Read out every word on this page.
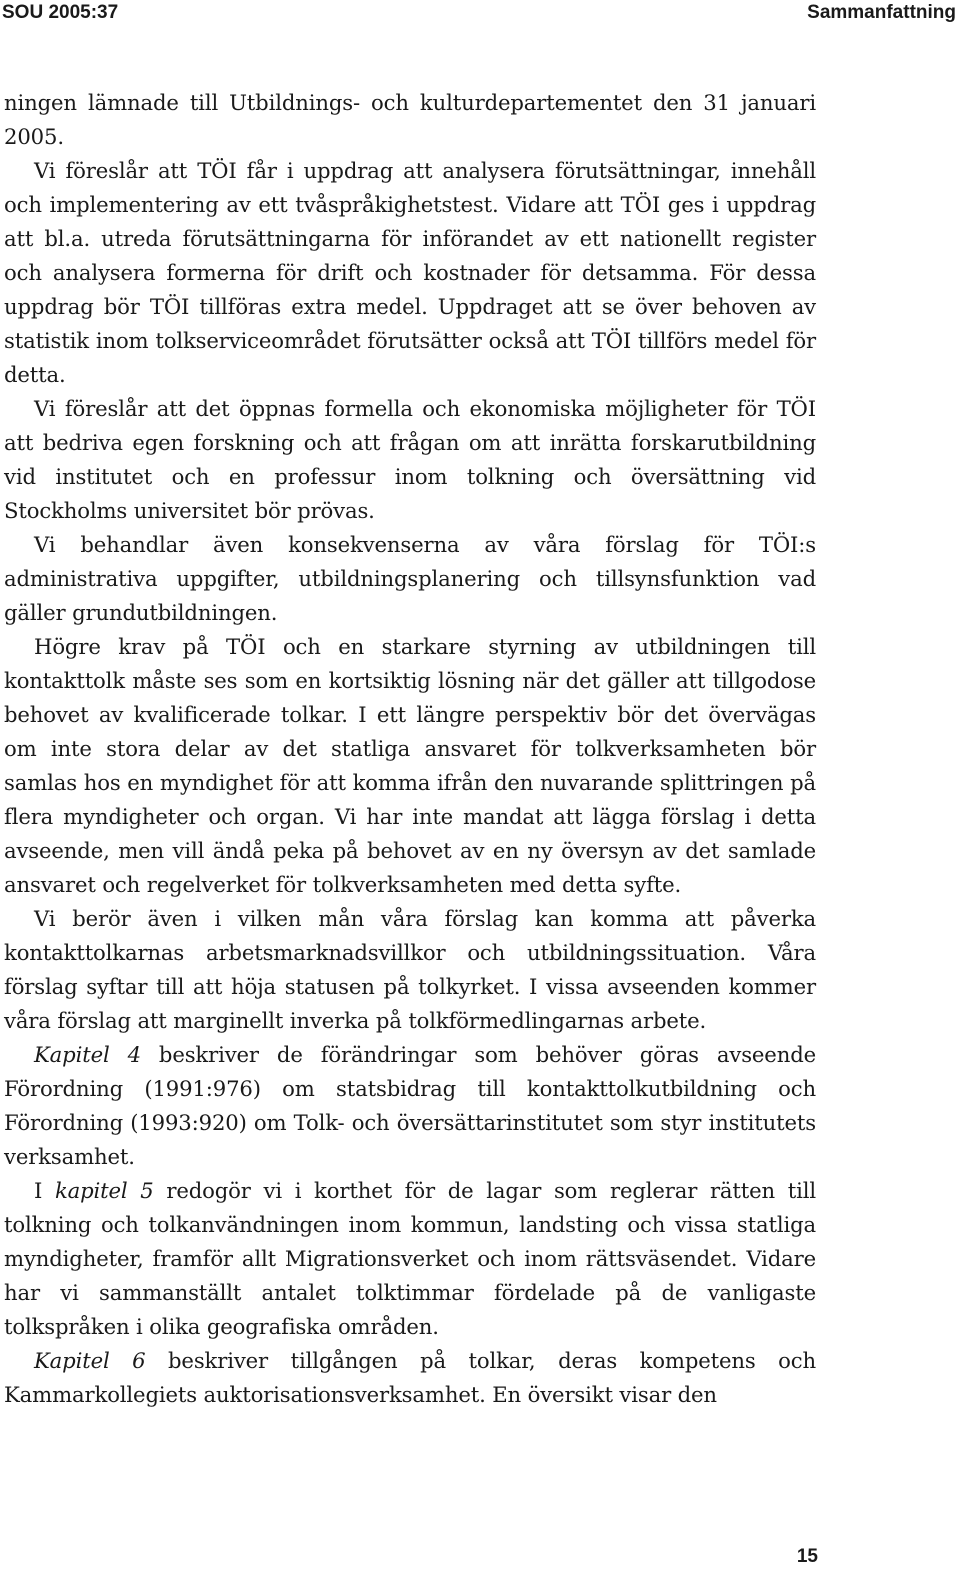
SOU 2005:37	Sammanfattning

ningen lämnade till Utbildnings- och kulturdepartementet den 31 januari 2005.

Vi föreslår att TÖI får i uppdrag att analysera förutsättningar, innehåll och implementering av ett tvåspråkighetstest. Vidare att TÖI ges i uppdrag att bl.a. utreda förutsättningarna för införandet av ett nationellt register och analysera formerna för drift och kostnader för detsamma. För dessa uppdrag bör TÖI tillföras extra medel. Uppdraget att se över behoven av statistik inom tolkserviceområdet förutsätter också att TÖI tillförs medel för detta.

Vi föreslår att det öppnas formella och ekonomiska möjligheter för TÖI att bedriva egen forskning och att frågan om att inrätta forskarutbildning vid institutet och en professur inom tolkning och översättning vid Stockholms universitet bör prövas.

Vi behandlar även konsekvenserna av våra förslag för TÖI:s administrativa uppgifter, utbildningsplanering och tillsynsfunktion vad gäller grundutbildningen.

Högre krav på TÖI och en starkare styrning av utbildningen till kontakttolk måste ses som en kortsiktig lösning när det gäller att tillgodose behovet av kvalificerade tolkar. I ett längre perspektiv bör det övervägas om inte stora delar av det statliga ansvaret för tolkverksamheten bör samlas hos en myndighet för att komma ifrån den nuvarande splittringen på flera myndigheter och organ. Vi har inte mandat att lägga förslag i detta avseende, men vill ändå peka på behovet av en ny översyn av det samlade ansvaret och regelverket för tolkverksamheten med detta syfte.

Vi berör även i vilken mån våra förslag kan komma att påverka kontakttolkarnas arbetsmarknadsvillkor och utbildningssituation. Våra förslag syftar till att höja statusen på tolkyrket. I vissa avseenden kommer våra förslag att marginellt inverka på tolkförmedlingarnas arbete.

Kapitel 4 beskriver de förändringar som behöver göras avseende Förordning (1991:976) om statsbidrag till kontakttolkutbildning och Förordning (1993:920) om Tolk- och översättarinstitutet som styr institutets verksamhet.

I kapitel 5 redogör vi i korthet för de lagar som reglerar rätten till tolkning och tolkanvändningen inom kommun, landsting och vissa statliga myndigheter, framför allt Migrationsverket och inom rättsväsendet. Vidare har vi sammanställt antalet tolktimmar fördelade på de vanligaste tolkspråken i olika geografiska områden.

Kapitel 6 beskriver tillgången på tolkar, deras kompetens och Kammarkollegiets auktorisationsverksamhet. En översikt visar den

15
